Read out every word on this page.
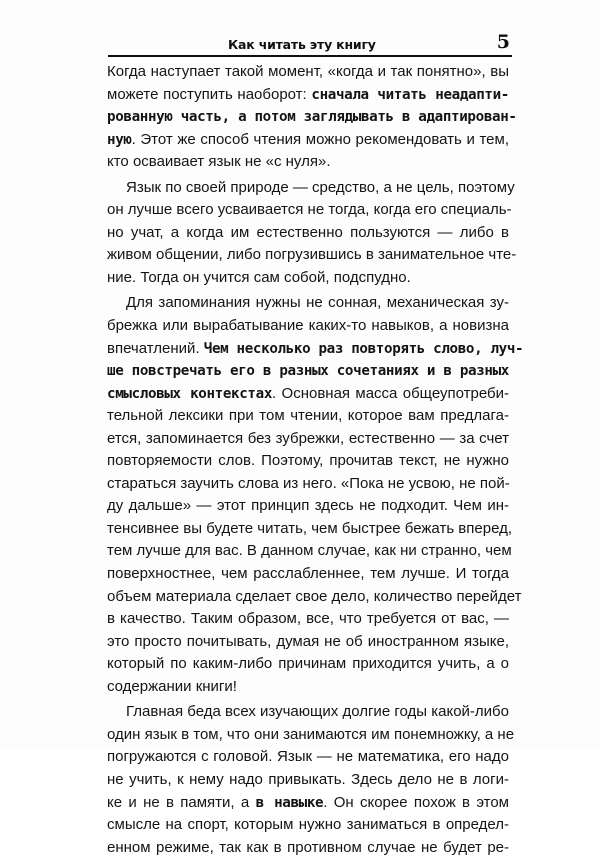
Как читать эту книгу	5
Когда наступает такой момент, «когда и так понятно», вы
можете поступить наоборот: сначала читать неадапти-
рованную часть, а потом заглядывать в адаптирован-
ную. Этот же способ чтения можно рекомендовать и тем,
кто осваивает язык не «с нуля».
Язык по своей природе — средство, а не цель, поэтому
он лучше всего усваивается не тогда, когда его специаль-
но учат, а когда им естественно пользуются — либо в
живом общении, либо погрузившись в занимательное чте-
ние. Тогда он учится сам собой, подспудно.
Для запоминания нужны не сонная, механическая зу-
брежка или вырабатывание каких-то навыков, а новизна
впечатлений. Чем несколько раз повторять слово, луч-
ше повстречать его в разных сочетаниях и в разных
смысловых контекстах. Основная масса общеупотреби-
тельной лексики при том чтении, которое вам предлага-
ется, запоминается без зубрежки, естественно — за счет
повторяемости слов. Поэтому, прочитав текст, не нужно
стараться заучить слова из него. «Пока не усвою, не пой-
ду дальше» — этот принцип здесь не подходит. Чем ин-
тенсивнее вы будете читать, чем быстрее бежать вперед,
тем лучше для вас. В данном случае, как ни странно, чем
поверхностнее, чем расслабленнее, тем лучше. И тогда
объем материала сделает свое дело, количество перейдет
в качество. Таким образом, все, что требуется от вас, —
это просто почитывать, думая не об иностранном языке,
который по каким-либо причинам приходится учить, а о
содержании книги!
Главная беда всех изучающих долгие годы какой-либо
один язык в том, что они занимаются им понемножку, а не
погружаются с головой. Язык — не математика, его надо
не учить, к нему надо привыкать. Здесь дело не в логи-
ке и не в памяти, а в навыке. Он скорее похож в этом
смысле на спорт, которым нужно заниматься в определ-
енном режиме, так как в противном случае не будет ре-
